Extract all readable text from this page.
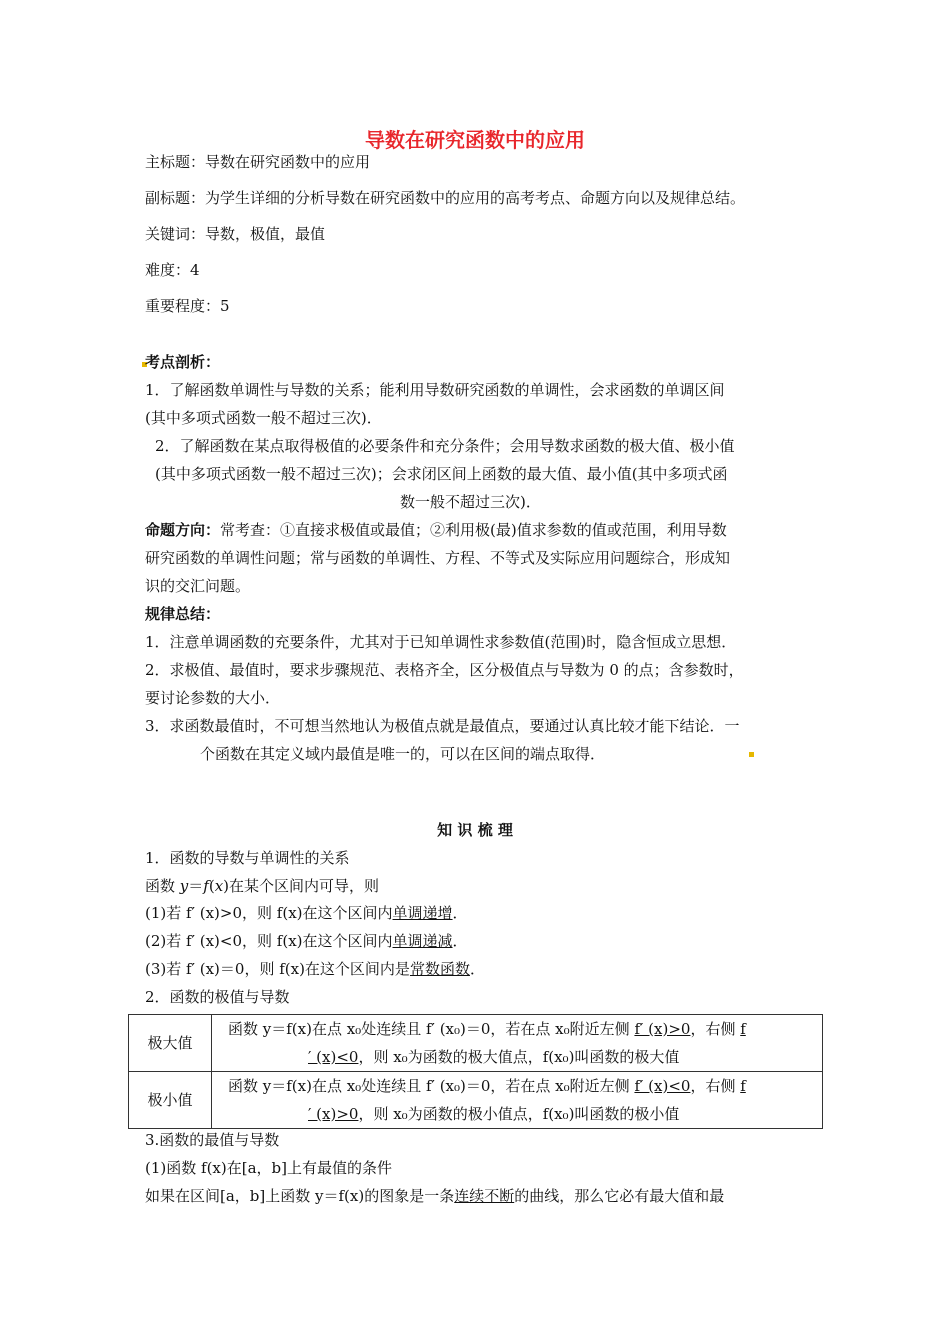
导数在研究函数中的应用
主标题：导数在研究函数中的应用
副标题：为学生详细的分析导数在研究函数中的应用的高考考点、命题方向以及规律总结。
关键词：导数，极值，最值
难度：4
重要程度：5
考点剖析：
1．了解函数单调性与导数的关系；能利用导数研究函数的单调性，会求函数的单调区间
(其中多项式函数一般不超过三次)．
2．了解函数在某点取得极值的必要条件和充分条件；会用导数求函数的极大值、极小值
(其中多项式函数一般不超过三次)；会求闭区间上函数的最大值、最小值(其中多项式函
数一般不超过三次)．
命题方向：常考查：①直接求极值或最值；②利用极(最)值求参数的值或范围，利用导数
研究函数的单调性问题；常与函数的单调性、方程、不等式及实际应用问题综合，形成知
识的交汇问题。
规律总结：
1．注意单调函数的充要条件，尤其对于已知单调性求参数值(范围)时，隐含恒成立思想．
2．求极值、最值时，要求步骤规范、表格齐全，区分极值点与导数为 0 的点；含参数时，
要讨论参数的大小．
3．求函数最值时，不可想当然地认为极值点就是最值点，要通过认真比较才能下结论．一
个函数在其定义域内最值是唯一的，可以在区间的端点取得．
知 识 梳 理
1．函数的导数与单调性的关系
函数 y＝f(x)在某个区间内可导，则
(1)若 f′ (x)>0，则 f(x)在这个区间内单调递增．
(2)若 f′ (x)<0，则 f(x)在这个区间内单调递减．
(3)若 f′ (x)＝0，则 f(x)在这个区间内是常数函数．
2．函数的极值与导数
极大值	函数 y＝f(x)在点 x₀处连续且 f′ (x₀)＝0，若在点 x₀附近左侧 f′ (x)>0，右侧 f
′ (x)<0，则 x₀为函数的极大值点，f(x₀)叫函数的极大值
极小值	函数 y＝f(x)在点 x₀处连续且 f′ (x₀)＝0，若在点 x₀附近左侧 f′ (x)<0，右侧 f
′ (x)>0，则 x₀为函数的极小值点，f(x₀)叫函数的极小值
3.函数的最值与导数
(1)函数 f(x)在[a，b]上有最值的条件
如果在区间[a，b]上函数 y＝f(x)的图象是一条连续不断的曲线，那么它必有最大值和最
